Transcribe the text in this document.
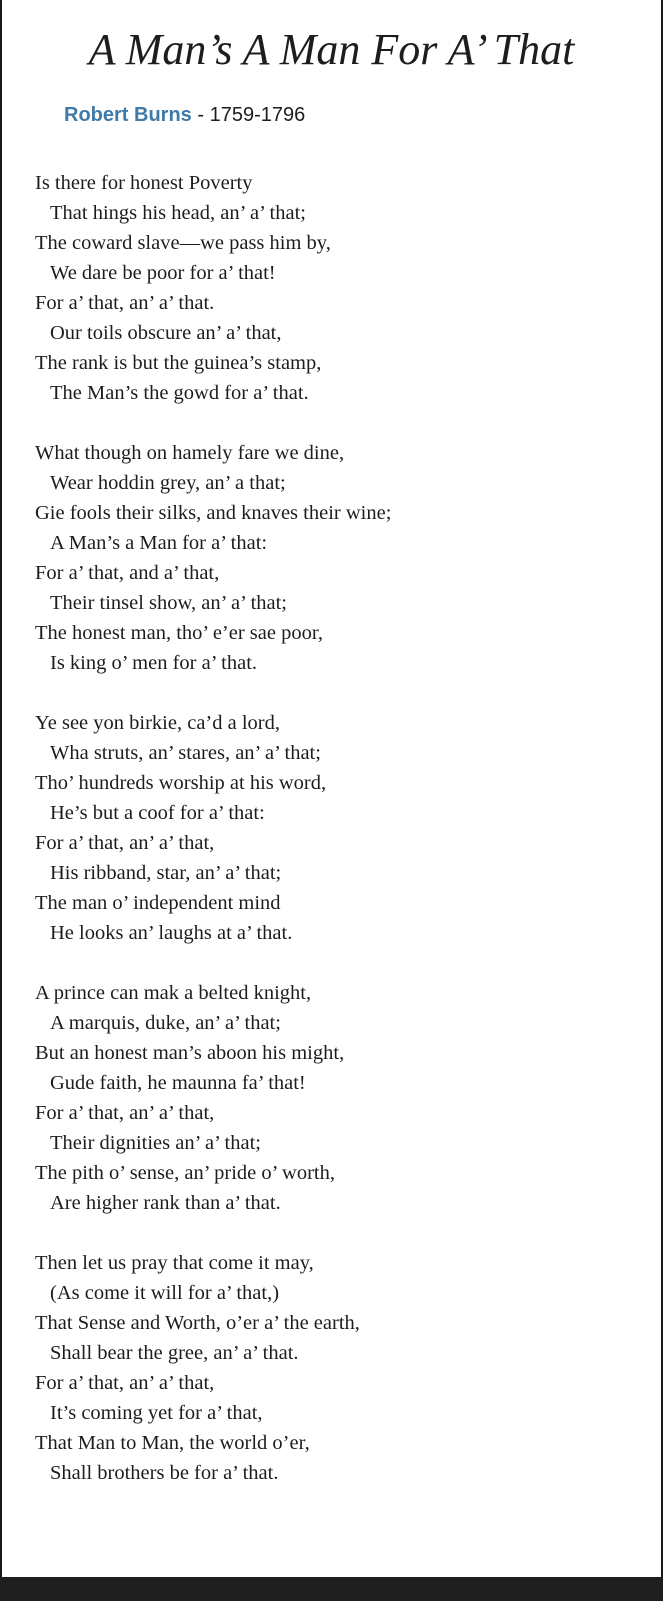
A Man’s A Man For A’ That
Robert Burns - 1759-1796
Is there for honest Poverty
That hings his head, an’ a’ that;
The coward slave—we pass him by,
We dare be poor for a’ that!
For a’ that, an’ a’ that.
Our toils obscure an’ a’ that,
The rank is but the guinea’s stamp,
The Man’s the gowd for a’ that.
What though on hamely fare we dine,
Wear hoddin grey, an’ a that;
Gie fools their silks, and knaves their wine;
A Man’s a Man for a’ that:
For a’ that, and a’ that,
Their tinsel show, an’ a’ that;
The honest man, tho’ e’er sae poor,
Is king o’ men for a’ that.
Ye see yon birkie, ca’d a lord,
Wha struts, an’ stares, an’ a’ that;
Tho’ hundreds worship at his word,
He’s but a coof for a’ that:
For a’ that, an’ a’ that,
His ribband, star, an’ a’ that;
The man o’ independent mind
He looks an’ laughs at a’ that.
A prince can mak a belted knight,
A marquis, duke, an’ a’ that;
But an honest man’s aboon his might,
Gude faith, he maunna fa’ that!
For a’ that, an’ a’ that,
Their dignities an’ a’ that;
The pith o’ sense, an’ pride o’ worth,
Are higher rank than a’ that.
Then let us pray that come it may,
(As come it will for a’ that,)
That Sense and Worth, o’er a’ the earth,
Shall bear the gree, an’ a’ that.
For a’ that, an’ a’ that,
It’s coming yet for a’ that,
That Man to Man, the world o’er,
Shall brothers be for a’ that.
